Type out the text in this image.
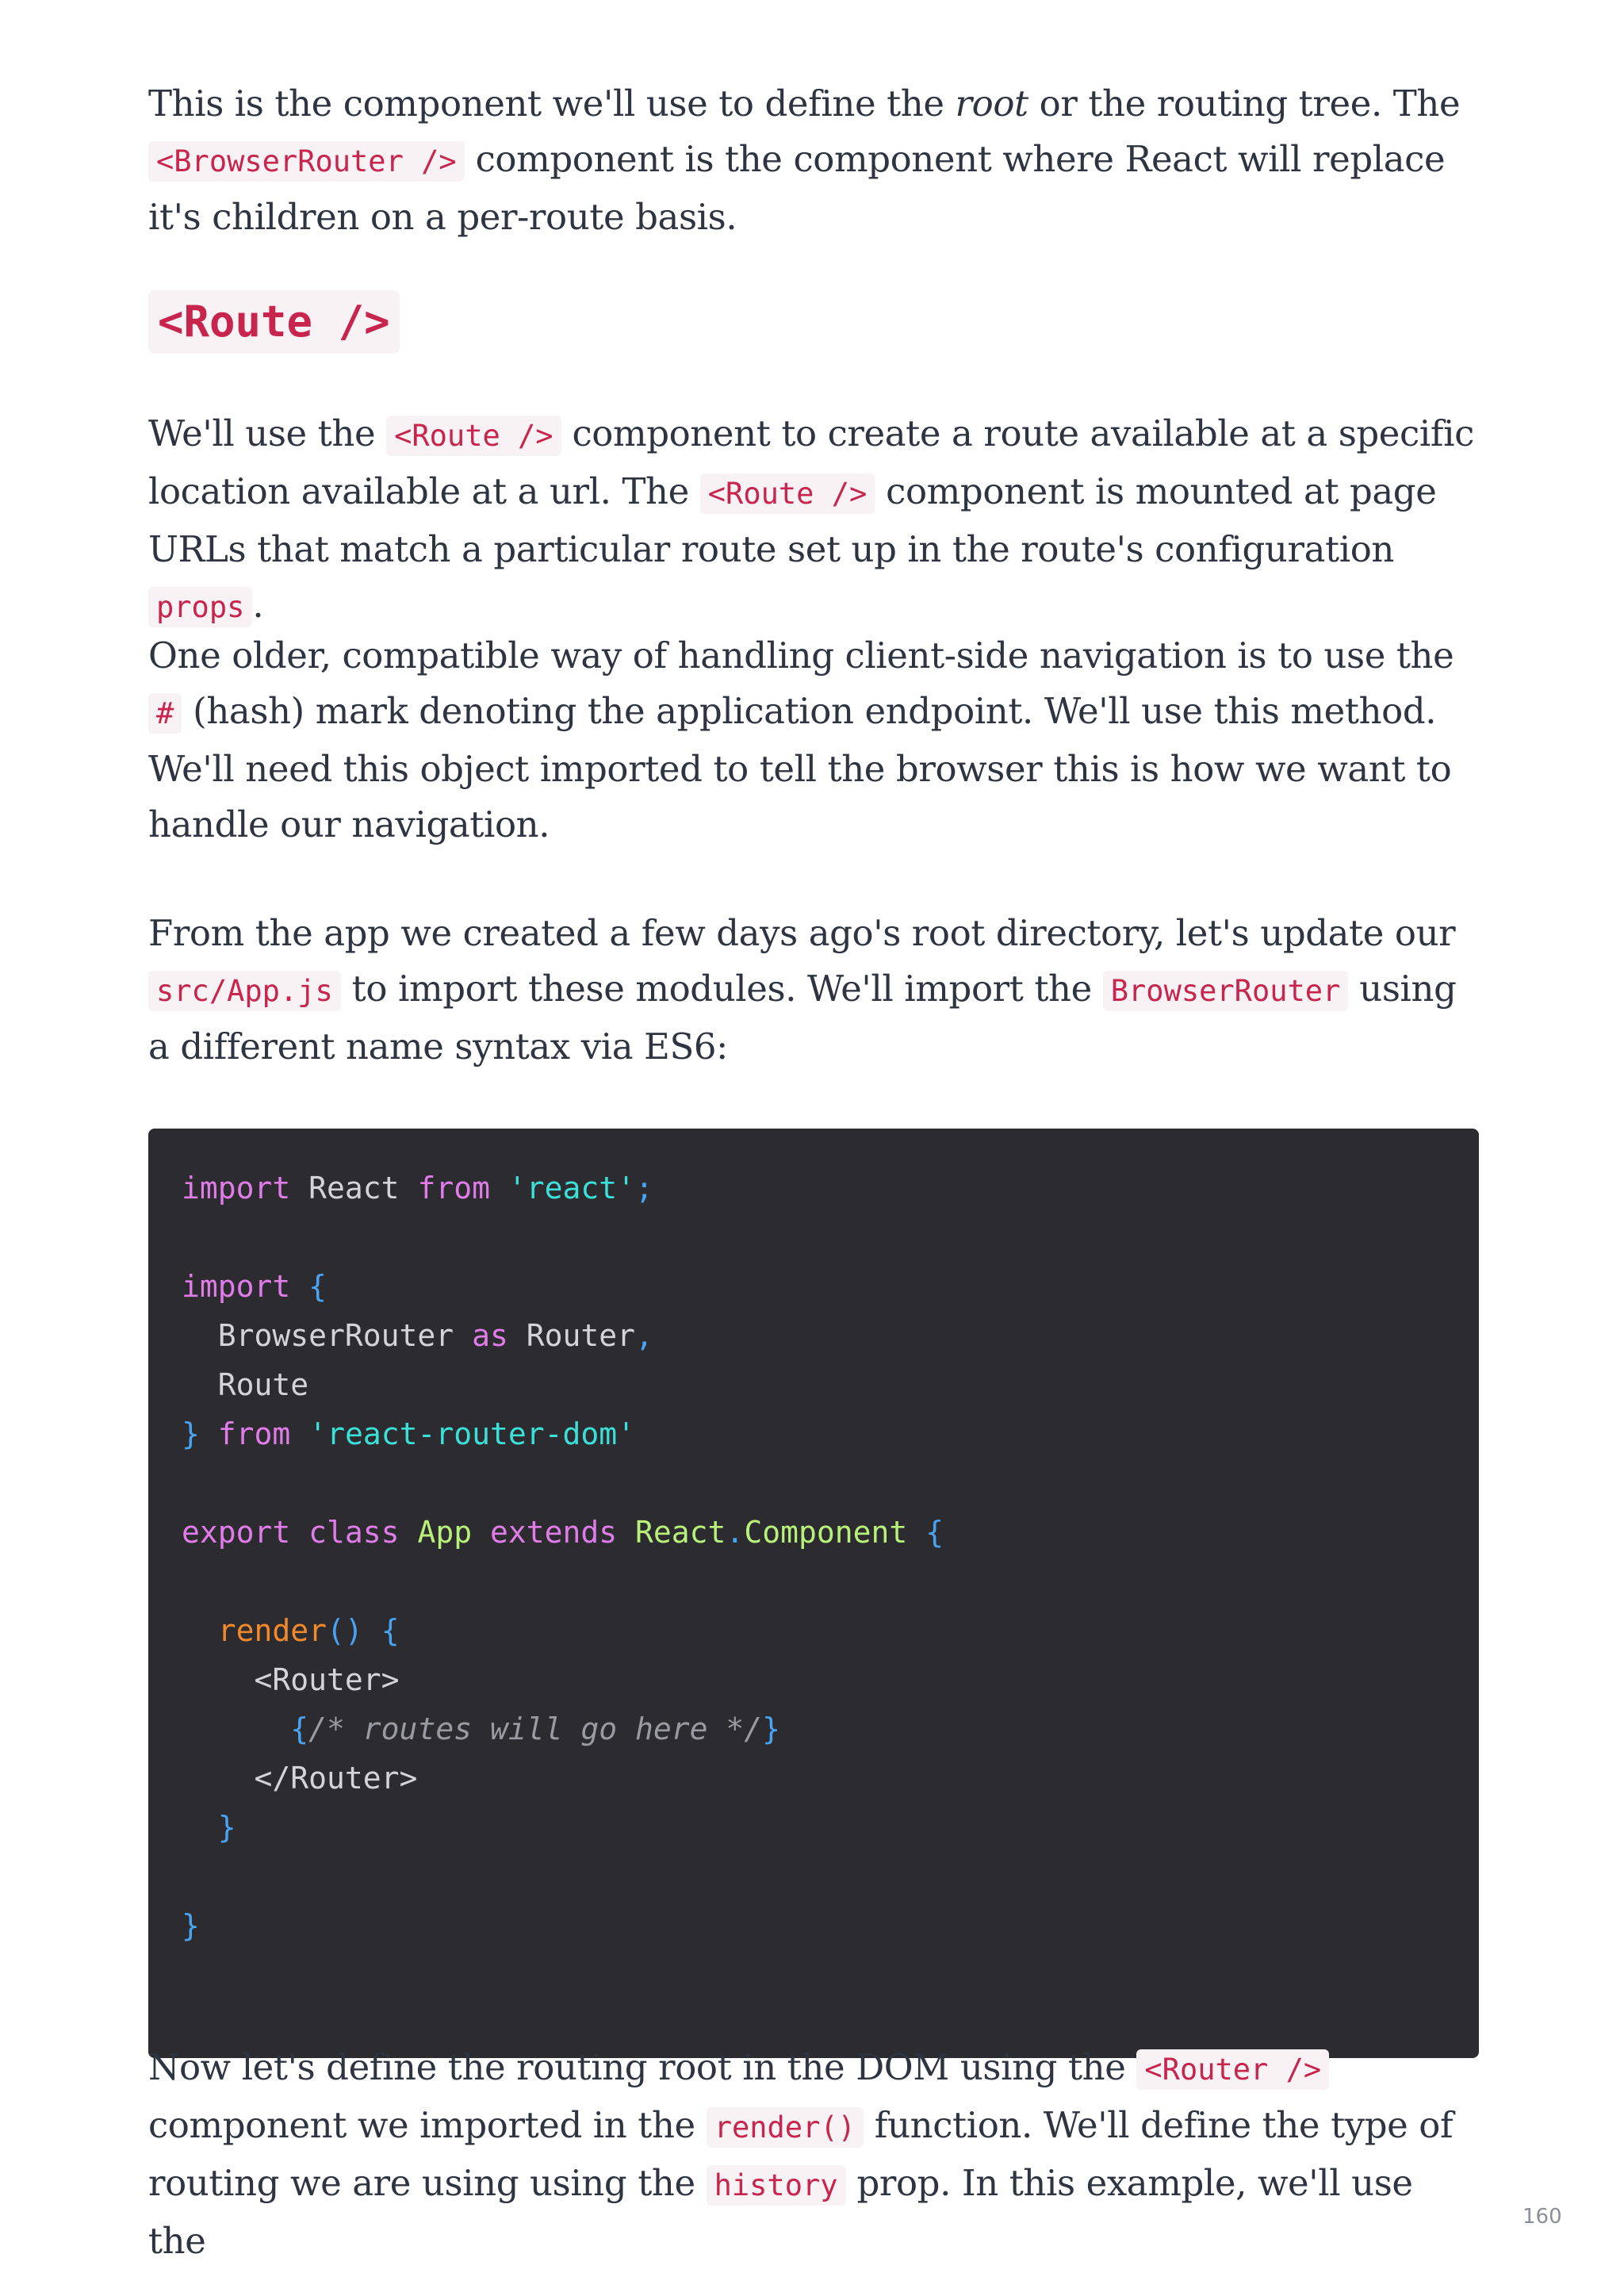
This is the component we'll use to define the root or the routing tree. The
<BrowserRouter /> component is the component where React will replace it's children on a per-route basis.

<Route />

We'll use the <Route /> component to create a route available at a specific location available at a url. The <Route /> component is mounted at page URLs that match a particular route set up in the route's configuration props .

One older, compatible way of handling client-side navigation is to use the # (hash) mark denoting the application endpoint. We'll use this method. We'll need this object imported to tell the browser this is how we want to handle our navigation.

From the app we created a few days ago's root directory, let's update our src/App.js to import these modules. We'll import the BrowserRouter using a different name syntax via ES6:

import React from 'react';

import {
BrowserRouter as Router,
Route
} from 'react-router-dom'

export class App extends React.Component {

render() {
<Router>
{/* routes will go here */}
</Router>
}

}

Now let's define the routing root in the DOM using the <Router /> component we imported in the render() function. We'll define the type of routing we are using using the history prop. In this example, we'll use the

160
